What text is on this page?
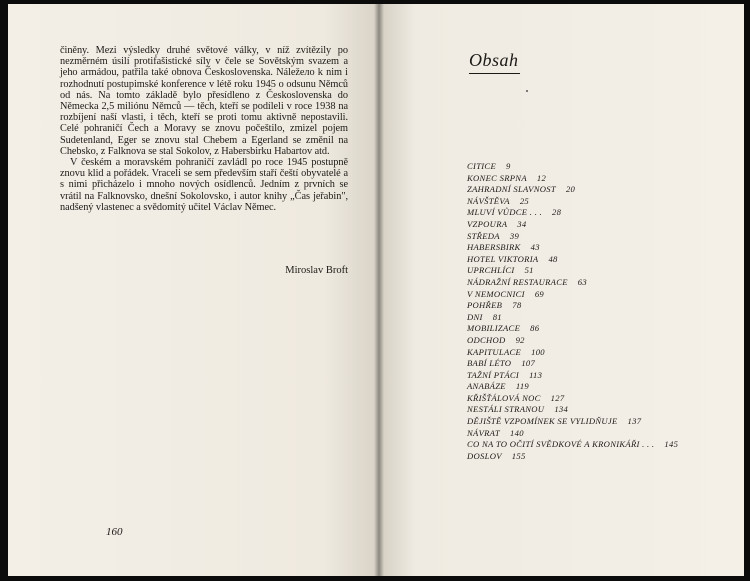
činěny. Mezi výsledky druhé světové války, v níž zvítězily po nezměrném úsilí protifašistické síly v čele se Sovětským svazem a jeho armádou, patřila také obnova Československa. Náležело k nim i rozhodnutí postupimské konference v létě roku 1945 o odsunu Němců od nás. Na tomto základě bylo přesídleno z Československa do Německa 2,5 miliónu Němců — těch, kteří se podíleli v roce 1938 na rozbíjení naší vlasti, i těch, kteří se proti tomu aktivně nepostavili. Celé pohraničí Čech a Moravy se znovu počeštilo, zmizel pojem Sudetenland, Eger se znovu stal Chebem a Egerland se změnil na Chebsko, z Falknova se stal Sokolov, z Habersbirku Habartov atd.

V českém a moravském pohraničí zavládl po roce 1945 postupně znovu klid a pořádek. Vraceli se sem především staří čeští obyvatelé a s nimi přicházelo i mnoho nových osídlenců. Jedním z prvních se vrátil na Falknovsko, dnešní Sokolovsko, i autor knihy „Čas jeřabin", nadšený vlastenec a svědomitý učitel Václav Němec.

Miroslav Broft
160
Obsah
CITICE 9
KONEC SRPNA 12
ZAHRADNÍ SLAVNOST 20
NÁVŠTĚVA 25
MLUVÍ VŮDCE . . . 28
VZPOURA 34
STŘEDA 39
HABERSBIRK 43
HOTEL VIKTORIA 48
UPRCHLÍCI 51
NÁDRAŽNÍ RESTAURACE 63
V NEMOCNICI 69
POHŘEB 78
DNI 81
MOBILIZACE 86
ODCHOD 92
KAPITULACE 100
BABÍ LÉTO 107
TAŽNÍ PTÁCI 113
ANABÁZE 119
KŘIŠŤÁLOVÁ NOC 127
NESTÁLI STRANOU 134
DĚJIŠTĚ VZPOMÍNEK SE VYLIDŇUJE 137
NÁVRAT 140
CO NA TO OČITÍ SVĚDKOVÉ A KRONIKÁŘI . . . 145
DOSLOV 155
